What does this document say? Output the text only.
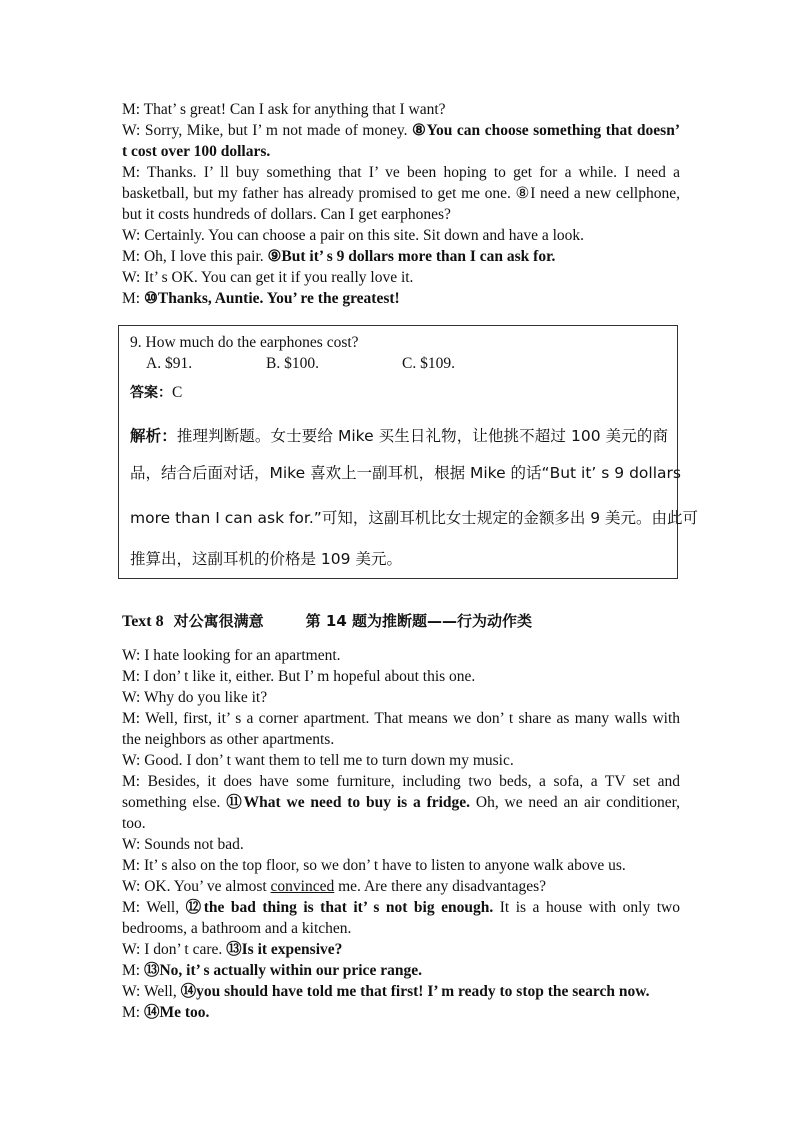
M: That’ s great! Can I ask for anything that I want?
W: Sorry, Mike, but I’ m not made of money. ⑧You can choose something that doesn’
t cost over 100 dollars.
M: Thanks. I’ ll buy something that I’ ve been hoping to get for a while. I need a
basketball, but my father has already promised to get me one. ⑧I need a new cellphone,
but it costs hundreds of dollars. Can I get earphones?
W: Certainly. You can choose a pair on this site. Sit down and have a look.
M: Oh, I love this pair. ⑨But it’ s 9 dollars more than I can ask for.
W: It’ s OK. You can get it if you really love it.
M: ⑩Thanks, Auntie. You’ re the greatest!
9. How much do the earphones cost?
A. $91.	B. $100.	C. $109.
答案：C
解析：推理判断题。女士要给 Mike 买生日礼物，让他挑不超过 100 美元的商
品，结合后面对话，Mike 喜欢上一副耳机，根据 Mike 的话“But it’ s 9 dollars
more than I can ask for.”可知，这副耳机比女士规定的金额多出 9 美元。由此可
推算出，这副耳机的价格是 109 美元。
Text 8 对公寓很满意	第 14 题为推断题——行为动作类
W: I hate looking for an apartment.
M: I don’ t like it, either. But I’ m hopeful about this one.
W: Why do you like it?
M: Well, first, it’ s a corner apartment. That means we don’ t share as many walls with
the neighbors as other apartments.
W: Good. I don’ t want them to tell me to turn down my music.
M: Besides, it does have some furniture, including two beds, a sofa, a TV set and
something else. ⑪What we need to buy is a fridge. Oh, we need an air conditioner,
too.
W: Sounds not bad.
M: It’ s also on the top floor, so we don’ t have to listen to anyone walk above us.
W: OK. You’ ve almost convinced me. Are there any disadvantages?
M: Well, ⑫the bad thing is that it’ s not big enough. It is a house with only two
bedrooms, a bathroom and a kitchen.
W: I don’ t care. ⑬Is it expensive?
M: ⑬No, it’ s actually within our price range.
W: Well, ⑭you should have told me that first! I’ m ready to stop the search now.
M: ⑭Me too.
